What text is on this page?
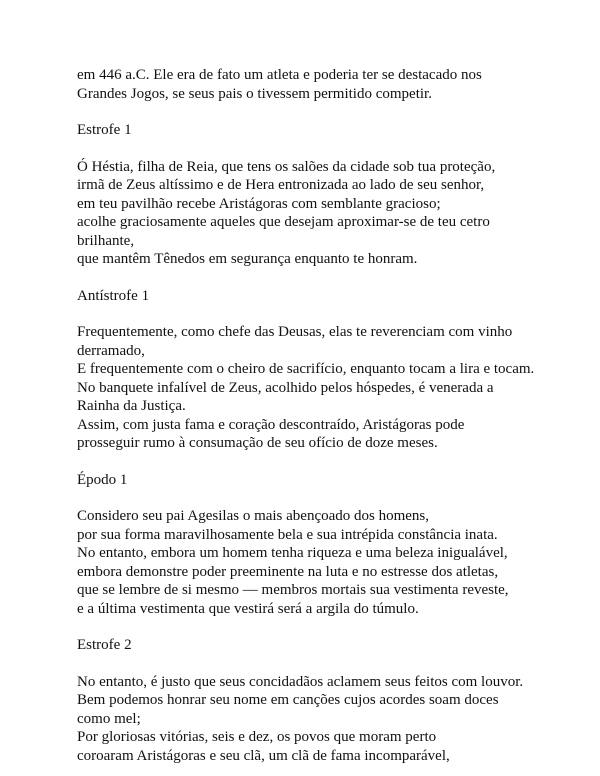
em 446 a.C. Ele era de fato um atleta e poderia ter se destacado nos
Grandes Jogos, se seus pais o tivessem permitido competir.
Estrofe 1
Ó Héstia, filha de Reia, que tens os salões da cidade sob tua proteção,
irmã de Zeus altíssimo e de Hera entronizada ao lado de seu senhor,
em teu pavilhão recebe Aristágoras com semblante gracioso;
acolhe graciosamente aqueles que desejam aproximar-se de teu cetro
brilhante,
que mantêm Tênedos em segurança enquanto te honram.
Antístrofe 1
Frequentemente, como chefe das Deusas, elas te reverenciam com vinho
derramado,
E frequentemente com o cheiro de sacrifício, enquanto tocam a lira e tocam.
No banquete infalível de Zeus, acolhido pelos hóspedes, é venerada a
Rainha da Justiça.
Assim, com justa fama e coração descontraído, Aristágoras pode
prosseguir rumo à consumação de seu ofício de doze meses.
Épodo 1
Considero seu pai Agesilas o mais abençoado dos homens,
por sua forma maravilhosamente bela e sua intrépida constância inata.
No entanto, embora um homem tenha riqueza e uma beleza inigualável,
embora demonstre poder preeminente na luta e no estresse dos atletas,
que se lembre de si mesmo — membros mortais sua vestimenta reveste,
e a última vestimenta que vestirá será a argila do túmulo.
Estrofe 2
No entanto, é justo que seus concidadãos aclamem seus feitos com louvor.
Bem podemos honrar seu nome em canções cujos acordes soam doces
como mel;
Por gloriosas vitórias, seis e dez, os povos que moram perto
coroaram Aristágoras e seu clã, um clã de fama incomparável,
